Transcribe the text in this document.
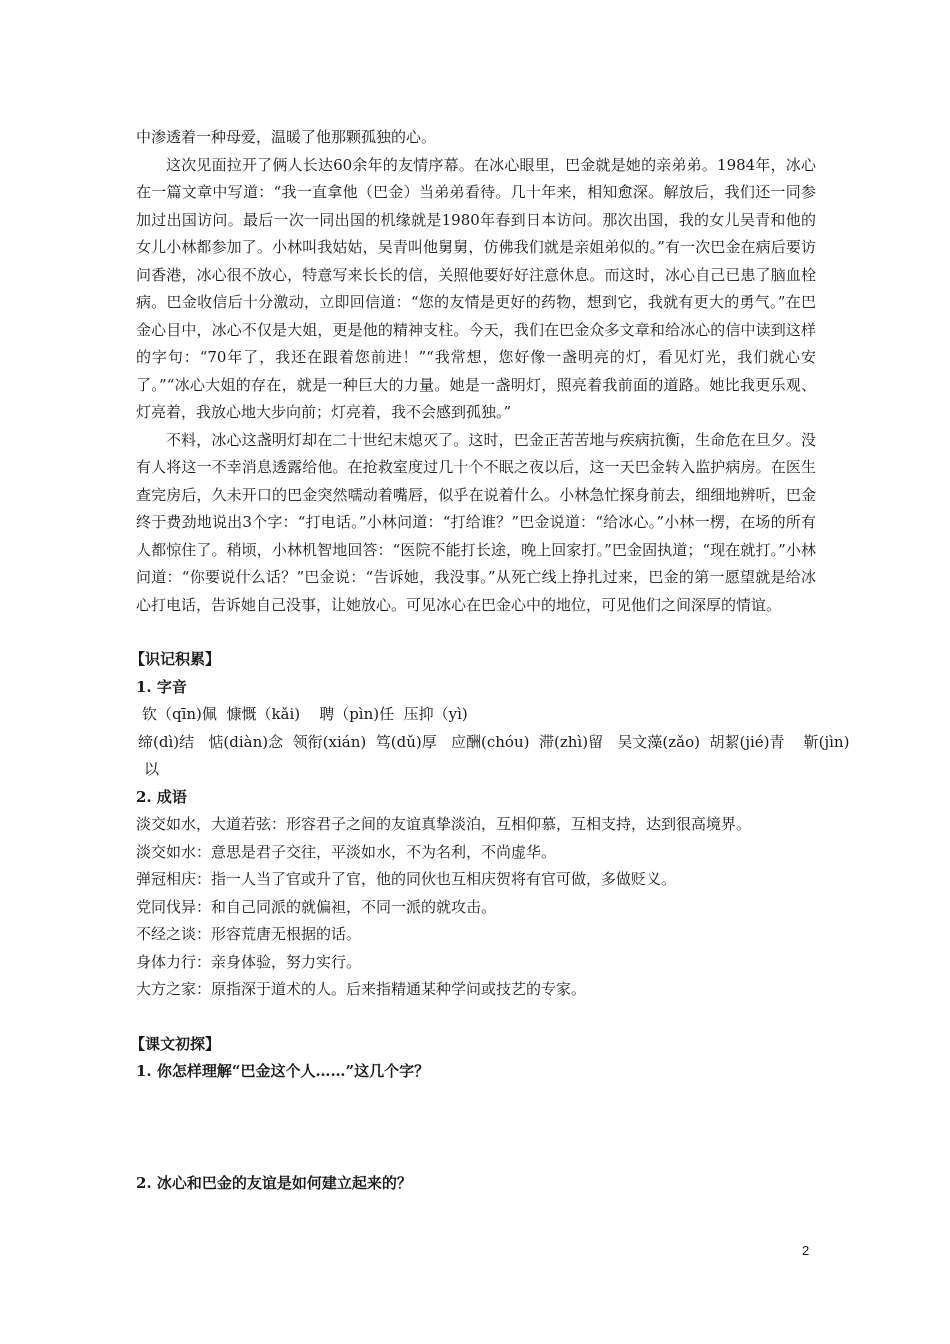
中渗透着一种母爱，温暖了他那颗孤独的心。

这次见面拉开了俩人长达60余年的友情序幕。在冰心眼里，巴金就是她的亲弟弟。1984年，冰心在一篇文章中写道：“我一直拿他（巴金）当弟弟看待。几十年来，相知愈深。解放后，我们还一同参加过出国访问。最后一次一同出国的机缘就是1980年春到日本访问。那次出国，我的女儿吴青和他的女儿小林都参加了。小林叫我姑姑，吴青叫他舅舅，仿佛我们就是亲姐弟似的。”有一次巴金在病后要访问香港，冰心很不放心，特意写来长长的信，关照他要好好注意休息。而这时，冰心自己已患了脑血栓病。巴金收信后十分激动，立即回信道：“您的友情是更好的药物，想到它，我就有更大的勇气。”在巴金心目中，冰心不仅是大姐，更是他的精神支柱。今天，我们在巴金众多文章和给冰心的信中读到这样的字句：“70年了，我还在跟着您前进！”“我常想，您好像一盏明亮的灯，看见灯光，我们就心安了。”“冰心大姐的存在，就是一种巨大的力量。她是一盏明灯，照亮着我前面的道路。她比我更乐观、灯亮着，我放心地大步向前；灯亮着，我不会感到孤独。”

不料，冰心这盏明灯却在二十世纪末熄灭了。这时，巴金正苦苦地与疾病抗衡，生命危在旦夕。没有人将这一不幸消息透露给他。在抢救室度过几十个不眠之夜以后，这一天巴金转入监护病房。在医生查完房后，久未开口的巴金突然嚅动着嘴唇，似乎在说着什么。小林急忙探身前去，细细地辨听，巴金终于费劲地说出3个字：“打电话。”小林问道：“打给谁？”巴金说道：“给冰心。”小林一楞，在场的所有人都惊住了。稍顷，小林机智地回答：“医院不能打长途，晚上回家打。”巴金固执道；“现在就打。”小林问道：“你要说什么话？”巴金说：“告诉她，我没事。”从死亡线上挣扎过来，巴金的第一愿望就是给冰心打电话，告诉她自己没事，让她放心。可见冰心在巴金心中的地位，可见他们之间深厚的情谊。

【识记积累】
1. 字音
钦（qīn)佩  慷慨（kǎi)    聘（pìn)任  压抑（yì)
缔(dì)结   惦(diàn)念  领衔(xián)  笃(dǔ)厚   应酬(chóu)  滞(zhì)留   吴文藻(zǎo)  胡絜(jié)青    靳(jìn)
以
2. 成语

淡交如水，大道若弦：形容君子之间的友谊真挚淡泊，互相仰慕，互相支持，达到很高境界。

淡交如水：意思是君子交往，平淡如水，不为名利，不尚虚华。

弹冠相庆：指一人当了官或升了官，他的同伙也互相庆贺将有官可做，多做贬义。

党同伐异：和自己同派的就偏袒，不同一派的就攻击。

不经之谈：形容荒唐无根据的话。

身体力行：亲身体验，努力实行。

大方之家：原指深于道术的人。后来指精通某种学问或技艺的专家。

【课文初探】
1. 你怎样理解“巴金这个人……”这几个字？
2. 冰心和巴金的友谊是如何建立起来的？
2
